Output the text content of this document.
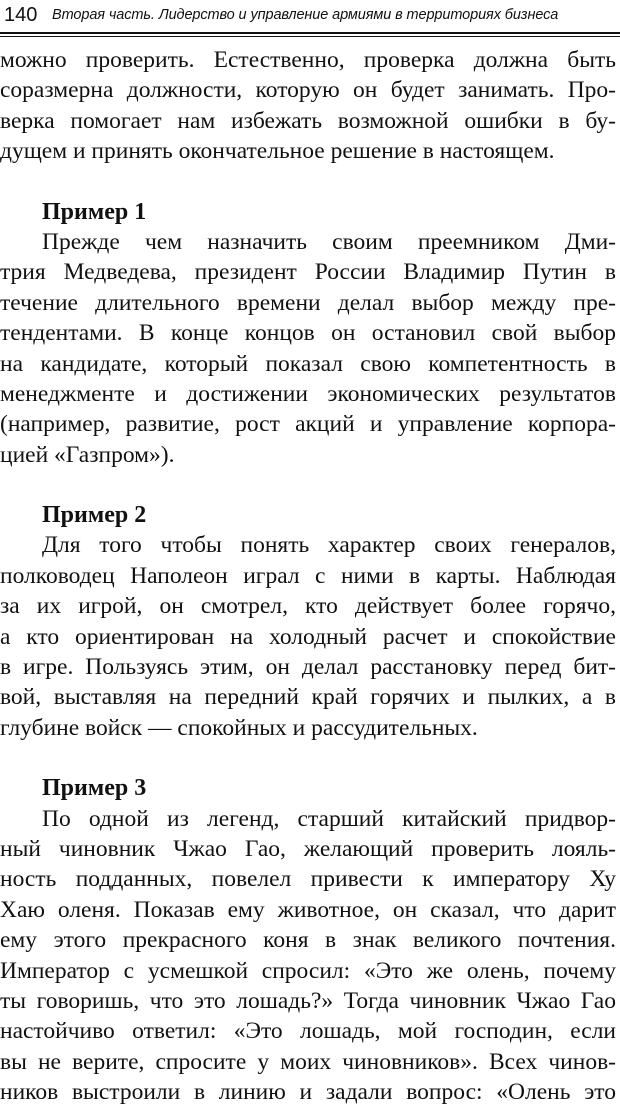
140 Вторая часть. Лидерство и управление армиями в территориях бизнеса
можно проверить. Естественно, проверка должна быть
соразмерна должности, которую он будет занимать. Про-
верка помогает нам избежать возможной ошибки в бу-
дущем и принять окончательное решение в настоящем.
Пример 1
Прежде чем назначить своим преемником Дми-
трия Медведева, президент России Владимир Путин в
течение длительного времени делал выбор между пре-
тендентами. В конце концов он остановил свой выбор
на кандидате, который показал свою компетентность в
менеджменте и достижении экономических результатов
(например, развитие, рост акций и управление корпора-
цией «Газпром»).
Пример 2
Для того чтобы понять характер своих генералов,
полководец Наполеон играл с ними в карты. Наблюдая
за их игрой, он смотрел, кто действует более горячо,
а кто ориентирован на холодный расчет и спокойствие
в игре. Пользуясь этим, он делал расстановку перед бит-
вой, выставляя на передний край горячих и пылких, а в
глубине войск — спокойных и рассудительных.
Пример 3
По одной из легенд, старший китайский придвор-
ный чиновник Чжао Гао, желающий проверить лояль-
ность подданных, повелел привести к императору Ху
Хаю оленя. Показав ему животное, он сказал, что дарит
ему этого прекрасного коня в знак великого почтения.
Император с усмешкой спросил: «Это же олень, почему
ты говоришь, что это лошадь?» Тогда чиновник Чжао Гао
настойчиво ответил: «Это лошадь, мой господин, если
вы не верите, спросите у моих чиновников». Всех чинов-
ников выстроили в линию и задали вопрос: «Олень это
